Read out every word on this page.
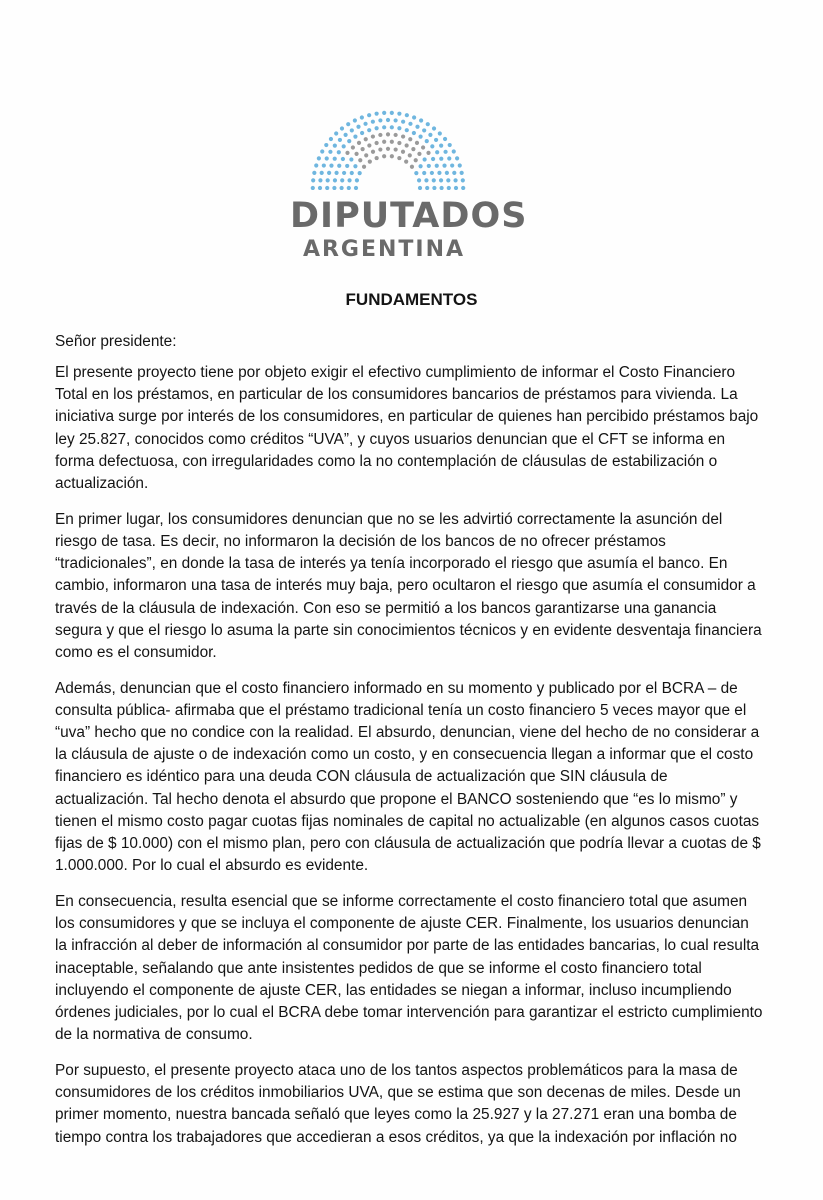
DIPUTADOS
ARGENTINA
FUNDAMENTOS

Señor presidente:

El presente proyecto tiene por objeto exigir el efectivo cumplimiento de informar el Costo Financiero Total en los préstamos, en particular de los consumidores bancarios de préstamos para vivienda. La iniciativa surge por interés de los consumidores, en particular de quienes han percibido préstamos bajo ley 25.827, conocidos como créditos “UVA”, y cuyos usuarios denuncian que el CFT se informa en forma defectuosa, con irregularidades como la no contemplación de cláusulas de estabilización o actualización.

En primer lugar, los consumidores denuncian que no se les advirtió correctamente la asunción del riesgo de tasa. Es decir, no informaron la decisión de los bancos de no ofrecer préstamos “tradicionales”, en donde la tasa de interés ya tenía incorporado el riesgo que asumía el banco. En cambio, informaron una tasa de interés muy baja, pero ocultaron el riesgo que asumía el consumidor a través de la cláusula de indexación. Con eso se permitió a los bancos garantizarse una ganancia segura y que el riesgo lo asuma la parte sin conocimientos técnicos y en evidente desventaja financiera como es el consumidor.

Además, denuncian que el costo financiero informado en su momento y publicado por el BCRA – de consulta pública- afirmaba que el préstamo tradicional tenía un costo financiero 5 veces mayor que el “uva” hecho que no condice con la realidad. El absurdo, denuncian, viene del hecho de no considerar a la cláusula de ajuste o de indexación como un costo, y en consecuencia llegan a informar que el costo financiero es idéntico para una deuda CON cláusula de actualización que SIN cláusula de actualización. Tal hecho denota el absurdo que propone el BANCO sosteniendo que “es lo mismo” y tienen el mismo costo pagar cuotas fijas nominales de capital no actualizable (en algunos casos cuotas fijas de $ 10.000) con el mismo plan, pero con cláusula de actualización que podría llevar a cuotas de $ 1.000.000. Por lo cual el absurdo es evidente.

En consecuencia, resulta esencial que se informe correctamente el costo financiero total que asumen los consumidores y que se incluya el componente de ajuste CER. Finalmente, los usuarios denuncian la infracción al deber de información al consumidor por parte de las entidades bancarias, lo cual resulta inaceptable, señalando que ante insistentes pedidos de que se informe el costo financiero total incluyendo el componente de ajuste CER, las entidades se niegan a informar, incluso incumpliendo órdenes judiciales, por lo cual el BCRA debe tomar intervención para garantizar el estricto cumplimiento de la normativa de consumo.

Por supuesto, el presente proyecto ataca uno de los tantos aspectos problemáticos para la masa de consumidores de los créditos inmobiliarios UVA, que se estima que son decenas de miles. Desde un primer momento, nuestra bancada señaló que leyes como la 25.927 y la 27.271 eran una bomba de tiempo contra los trabajadores que accedieran a esos créditos, ya que la indexación por inflación no
